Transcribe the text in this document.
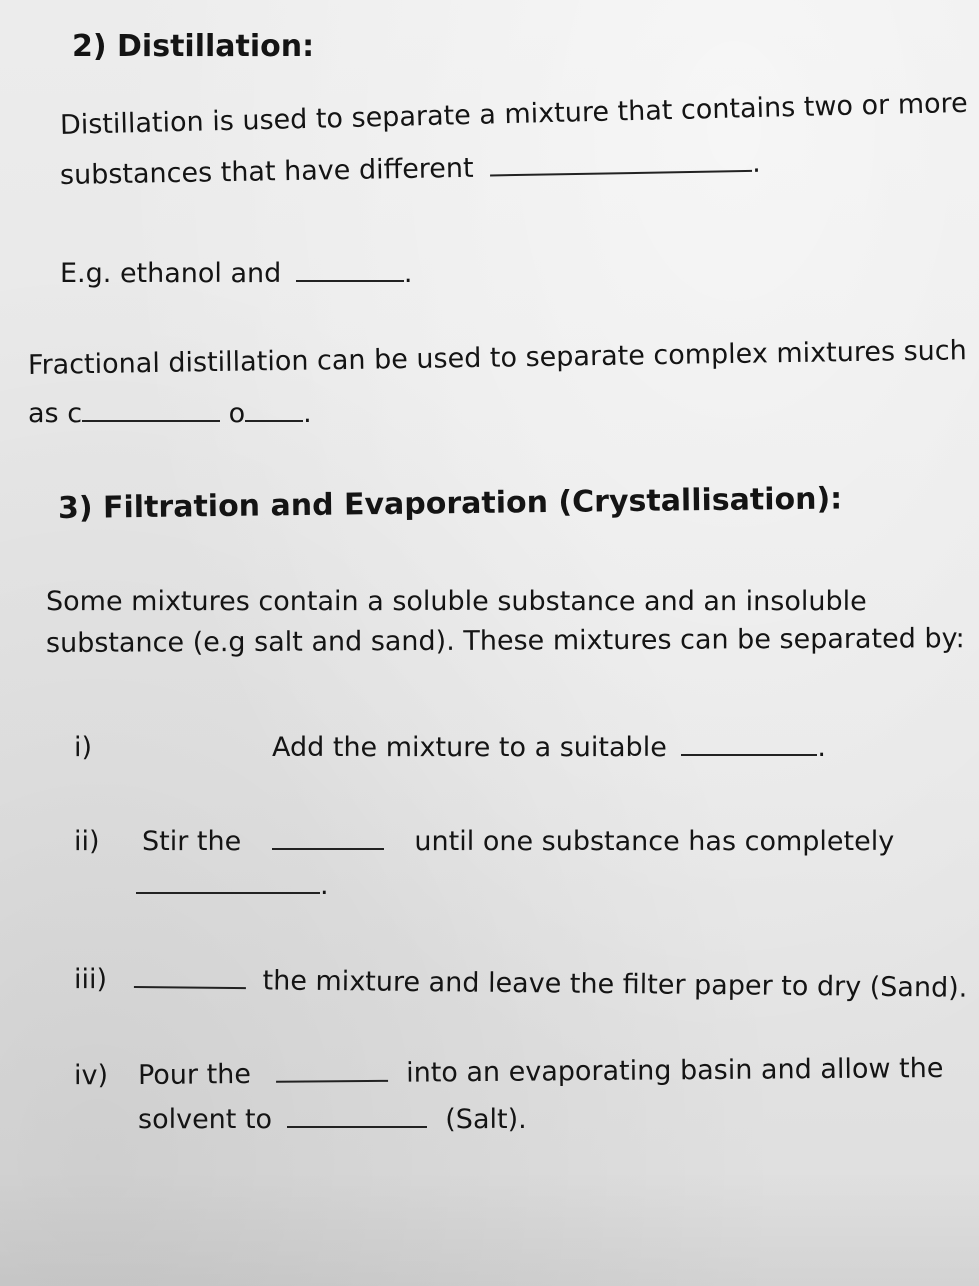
2) Distillation:
Distillation is used to separate a mixture that contains two or more
substances that have different	.
E.g. ethanol and	.
Fractional distillation can be used to separate complex mixtures such
as c	o .
3) Filtration and Evaporation (Crystallisation):
Some mixtures contain a soluble substance and an insoluble
substance (e.g salt and sand). These mixtures can be separated by:
i)	Add the mixture to a suitable	.
ii) Stir the	until one substance has completely
.
iii)	the mixture and leave the filter paper to dry (Sand).
iv) Pour the	into an evaporating basin and allow the
solvent to	(Salt).
